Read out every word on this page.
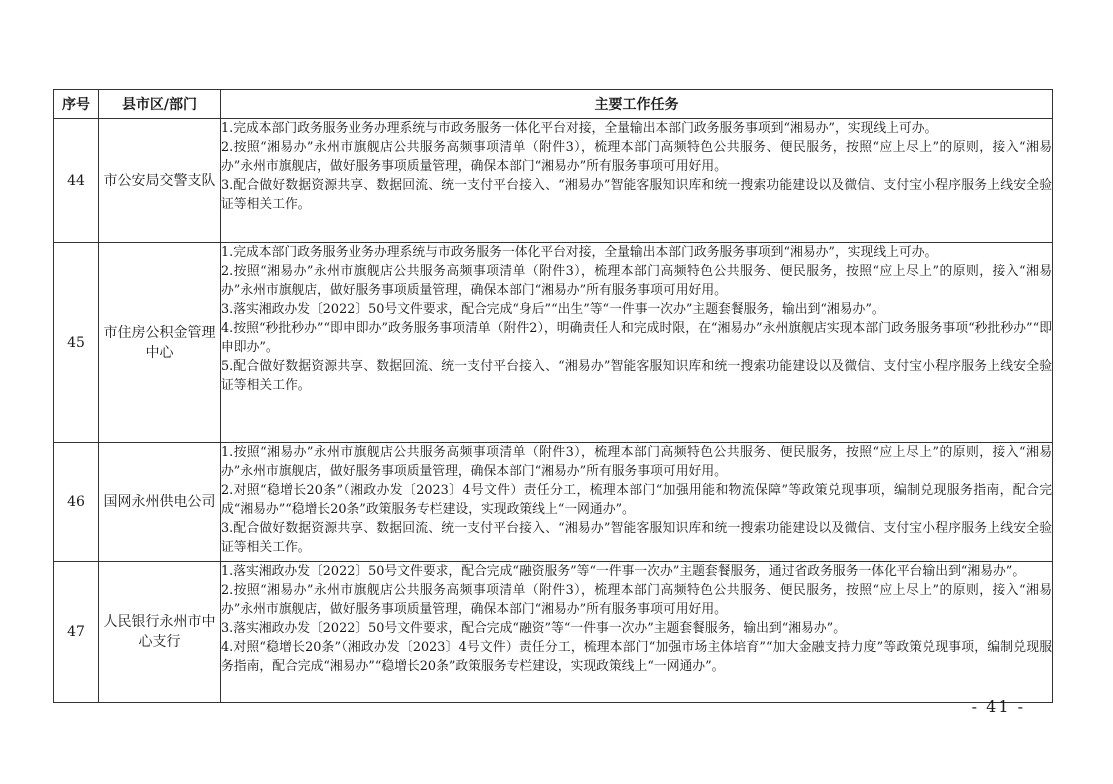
序号	县市区/部门	主要工作任务
44	市公安局交警支队	1.完成本部门政务服务业务办理系统与市政务服务一体化平台对接，全量输出本部门政务服务事项到“湘易办”，实现线上可办。
2.按照“湘易办”永州市旗舰店公共服务高频事项清单（附件3），梳理本部门高频特色公共服务、便民服务，按照“应上尽上”的原则，接入“湘易办”永州市旗舰店，做好服务事项质量管理，确保本部门“湘易办”所有服务事项可用好用。
3.配合做好数据资源共享、数据回流、统一支付平台接入、“湘易办”智能客服知识库和统一搜索功能建设以及微信、支付宝小程序服务上线安全验证等相关工作。

45	市住房公积金管理中心	1.完成本部门政务服务业务办理系统与市政务服务一体化平台对接，全量输出本部门政务服务事项到“湘易办”，实现线上可办。
2.按照“湘易办”永州市旗舰店公共服务高频事项清单（附件3），梳理本部门高频特色公共服务、便民服务，按照“应上尽上”的原则，接入“湘易办”永州市旗舰店，做好服务事项质量管理，确保本部门“湘易办”所有服务事项可用好用。
3.落实湘政办发〔2022〕50号文件要求，配合完成“身后”“出生”等“一件事一次办”主题套餐服务，输出到“湘易办”。
4.按照“秒批秒办”“即申即办”政务服务事项清单（附件2），明确责任人和完成时限，在“湘易办”永州旗舰店实现本部门政务服务事项“秒批秒办”“即申即办”。
5.配合做好数据资源共享、数据回流、统一支付平台接入、“湘易办”智能客服知识库和统一搜索功能建设以及微信、支付宝小程序服务上线安全验证等相关工作。

46	国网永州供电公司	1.按照“湘易办”永州市旗舰店公共服务高频事项清单（附件3），梳理本部门高频特色公共服务、便民服务，按照“应上尽上”的原则，接入“湘易办”永州市旗舰店，做好服务事项质量管理，确保本部门“湘易办”所有服务事项可用好用。
2.对照“稳增长20条”（湘政办发〔2023〕4号文件）责任分工，梳理本部门“加强用能和物流保障”等政策兑现事项，编制兑现服务指南，配合完成“湘易办”“稳增长20条”政策服务专栏建设，实现政策线上“一网通办”。
3.配合做好数据资源共享、数据回流、统一支付平台接入、“湘易办”智能客服知识库和统一搜索功能建设以及微信、支付宝小程序服务上线安全验证等相关工作。

47	人民银行永州市中心支行	1.落实湘政办发〔2022〕50号文件要求，配合完成“融资服务”等“一件事一次办”主题套餐服务，通过省政务服务一体化平台输出到“湘易办”。
2.按照“湘易办”永州市旗舰店公共服务高频事项清单（附件3），梳理本部门高频特色公共服务、便民服务，按照“应上尽上”的原则，接入“湘易办”永州市旗舰店，做好服务事项质量管理，确保本部门“湘易办”所有服务事项可用好用。
3.落实湘政办发〔2022〕50号文件要求，配合完成“融资”等“一件事一次办”主题套餐服务，输出到“湘易办”。
4.对照“稳增长20条”（湘政办发〔2023〕4号文件）责任分工，梳理本部门“加强市场主体培育”“加大金融支持力度”等政策兑现事项，编制兑现服务指南，配合完成“湘易办”“稳增长20条”政策服务专栏建设，实现政策线上“一网通办”。
- 41 -
